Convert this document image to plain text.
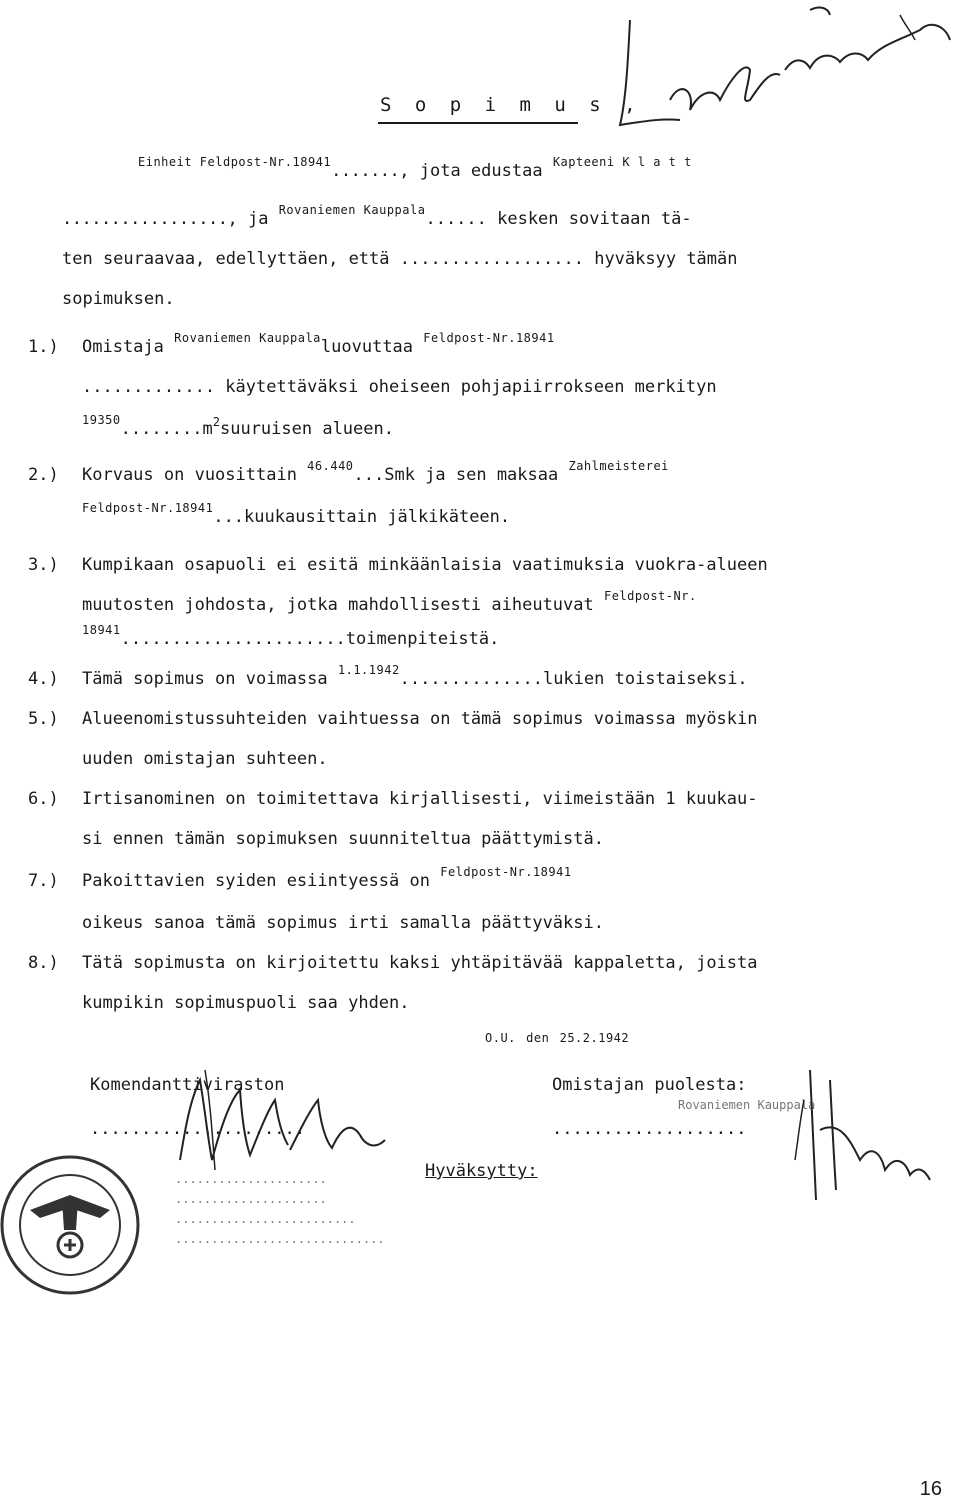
S o p i m u s ,
$^{Einheit Feldpost-Nr.18941}$......., jota edustaa $^{Kapteeni K l a t t}$
................., ja $^{Rovaniemen Kauppala}$...... kesken sovitaan tä-
ten seuraavaa, edellyttäen, että .................. hyväksyy tämän
sopimuksen.
1.) Omistaja $^{Rovaniemen Kauppala}$luovuttaa $^{Feldpost-Nr.18941}$
............. käytettäväksi oheiseen pohjapiirrokseen merkityn
$^{19350}........m^2suuruisen$ alueen.
2.) Korvaus on vuosittain $^{46.440}$...Smk ja sen maksaa $^{Zahlmeisterei}$
$^{Feldpost-Nr.18941}$...kuukausittain jälkikäteen.
3.) Kumpikaan osapuoli ei esitä minkäänlaisia vaatimuksia vuokra-alueen
muutosten johdosta, jotka mahdollisesti aiheutuvat $^{Feldpost-Nr.}$
$^{18941}$......................toimenpiteistä.
4.) Tämä sopimus on voimassa $^{1.1.1942}$..............lukien toistaiseksi.
5.) Alueenomistussuhteiden vaihtuessa on tämä sopimus voimassa myöskin
uuden omistajan suhteen.
6.) Irtisanominen on toimitettava kirjallisesti, viimeistään 1 kuukau-
si ennen tämän sopimuksen suunniteltua päättymistä.
7.) Pakoittavien syiden esiintyessä on $^{Feldpost-Nr.18941}$
oikeus sanoa tämä sopimus irti samalla päättyväksi.
8.) Tätä sopimusta on kirjoitettu kaksi yhtäpitävää kappaletta, joista
kumpikin sopimuspuoli saa yhden.
$^{O.U.}$ $^{den}$ $^{25.2.1942}$
Komendanttiviraston
.....................
Omistajan puolesta:
...................
Rovaniemen Kauppala
Hyväksytty:
.....................
.....................
.........................
.............................
16
